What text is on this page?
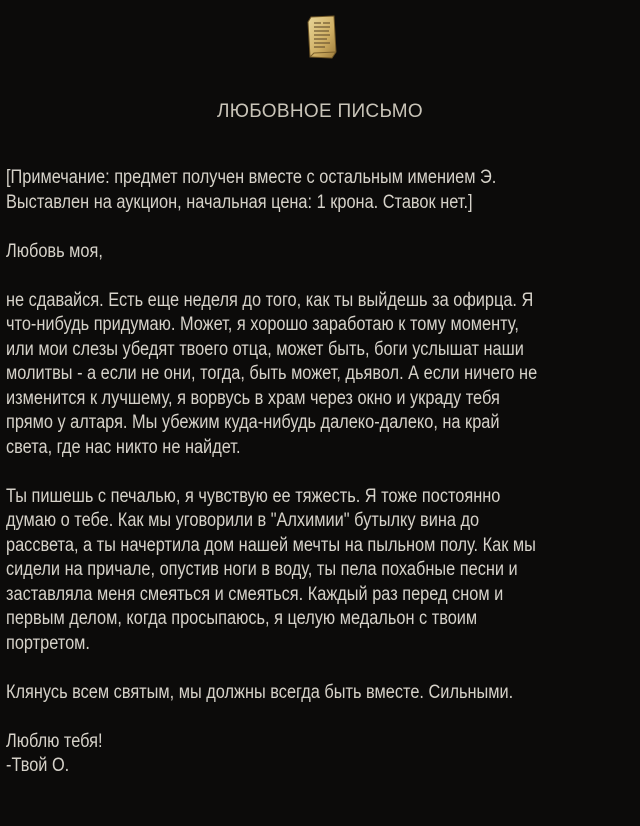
ЛЮБОВНОЕ ПИСЬМО
[Примечание: предмет получен вместе с остальным имением Э.
Выставлен на аукцион, начальная цена: 1 крона. Ставок нет.]
Любовь моя,
не сдавайся. Есть еще неделя до того, как ты выйдешь за офирца. Я
что-нибудь придумаю. Может, я хорошо заработаю к тому моменту,
или мои слезы убедят твоего отца, может быть, боги услышат наши
молитвы - а если не они, тогда, быть может, дьявол. А если ничего не
изменится к лучшему, я ворвусь в храм через окно и украду тебя
прямо у алтаря. Мы убежим куда-нибудь далеко-далеко, на край
света, где нас никто не найдет.
Ты пишешь с печалью, я чувствую ее тяжесть. Я тоже постоянно
думаю о тебе. Как мы уговорили в "Алхимии" бутылку вина до
рассвета, а ты начертила дом нашей мечты на пыльном полу. Как мы
сидели на причале, опустив ноги в воду, ты пела похабные песни и
заставляла меня смеяться и смеяться. Каждый раз перед сном и
первым делом, когда просыпаюсь, я целую медальон с твоим
портретом.
Клянусь всем святым, мы должны всегда быть вместе. Сильными.
Люблю тебя!
-Твой О.
